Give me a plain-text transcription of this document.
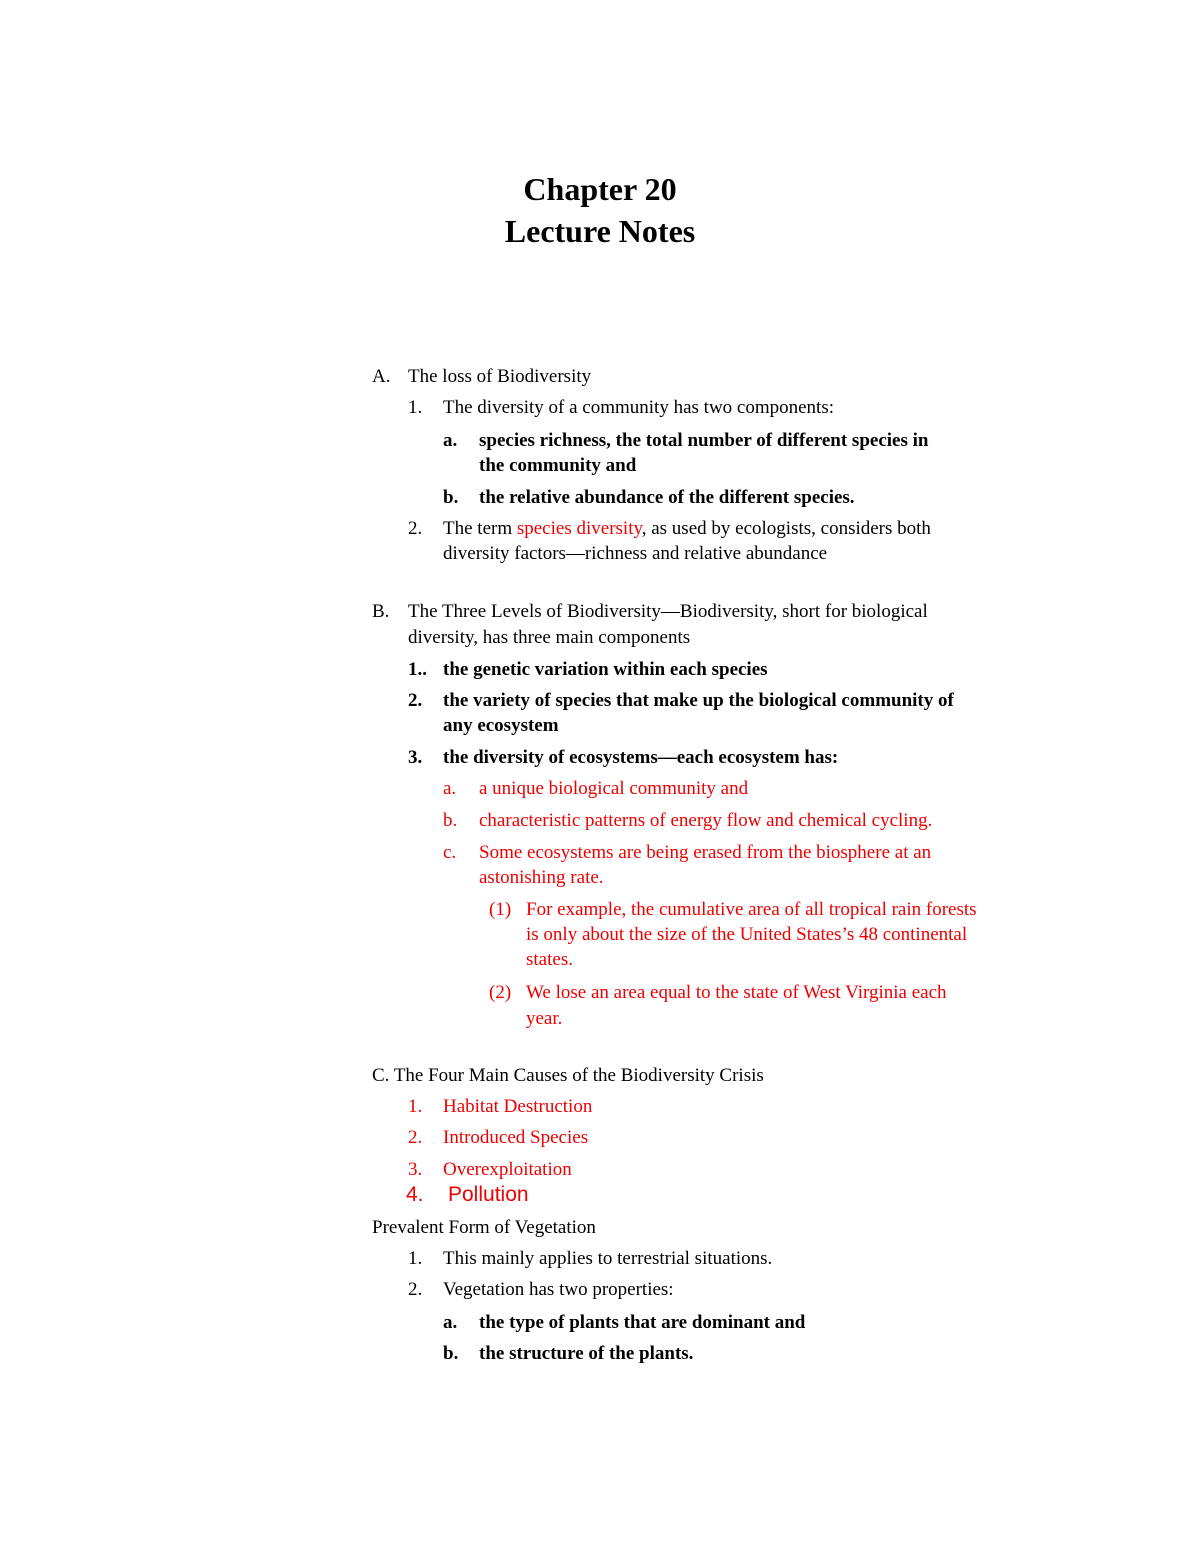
Chapter 20
Lecture Notes
A. The loss of Biodiversity
1. The diversity of a community has two components:
a. species richness, the total number of different species in
the community and
b. the relative abundance of the different species.
2. The term species diversity, as used by ecologists, considers both
diversity factors—richness and relative abundance
B. The Three Levels of Biodiversity—Biodiversity, short for biological
diversity, has three main components
1.. the genetic variation within each species
2. the variety of species that make up the biological community of
any ecosystem
3. the diversity of ecosystems—each ecosystem has:
a. a unique biological community and
b. characteristic patterns of energy flow and chemical cycling.
c. Some ecosystems are being erased from the biosphere at an
astonishing rate.
(1) For example, the cumulative area of all tropical rain forests
is only about the size of the United States’s 48 continental
states.
(2) We lose an area equal to the state of West Virginia each
year.
C. The Four Main Causes of the Biodiversity Crisis
1. Habitat Destruction
2. Introduced Species
3. Overexploitation
4. Pollution
Prevalent Form of Vegetation
1. This mainly applies to terrestrial situations.
2. Vegetation has two properties:
a. the type of plants that are dominant and
b. the structure of the plants.
